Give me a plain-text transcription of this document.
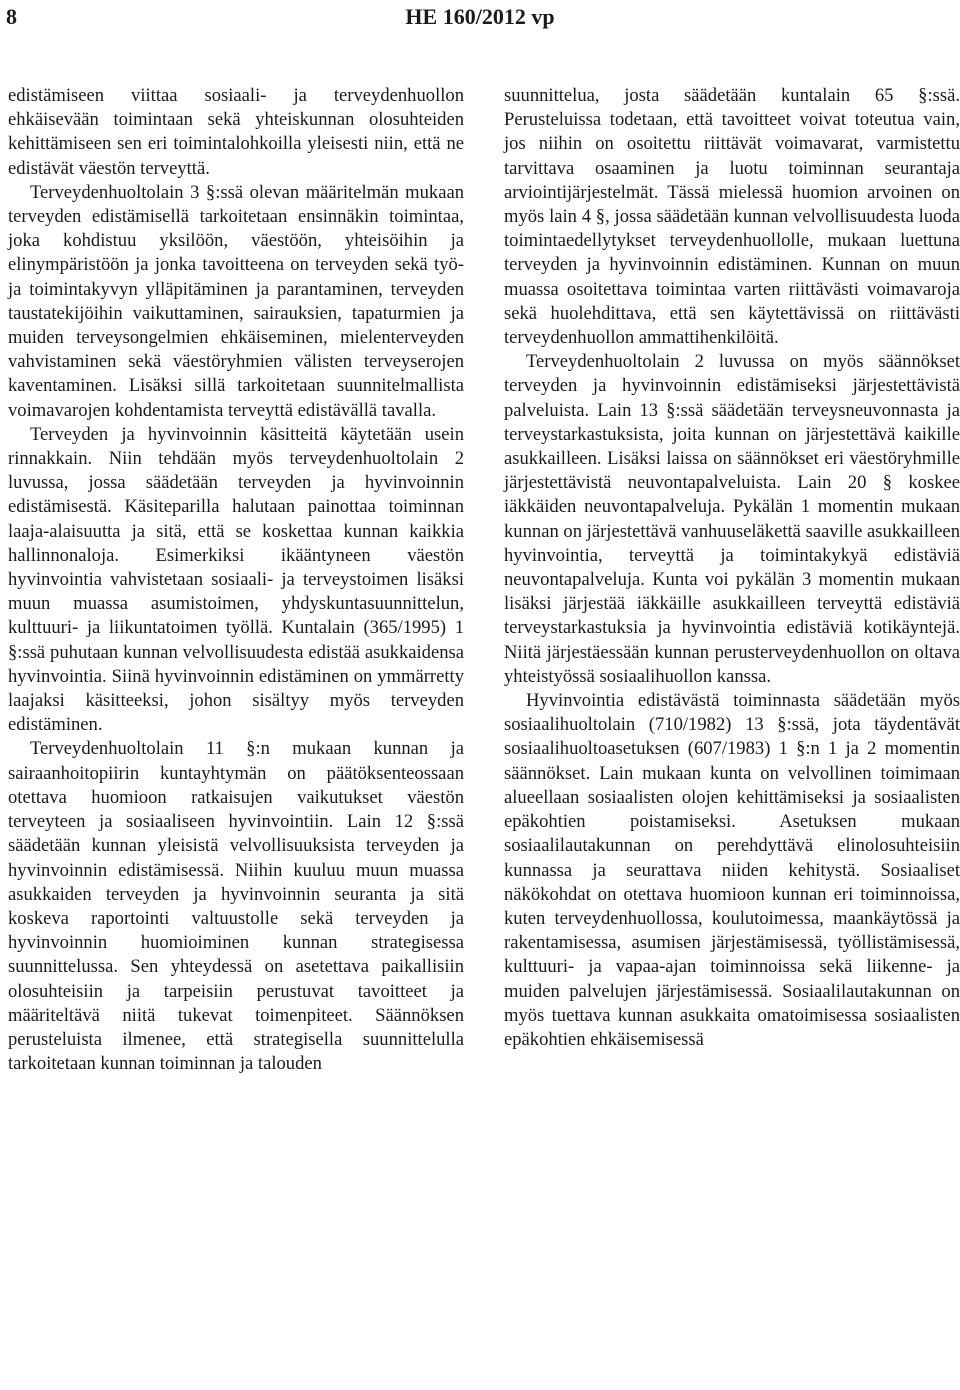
8	HE 160/2012 vp

edistämiseen viittaa sosiaali- ja terveydenhuollon ehkäisevään toimintaan sekä yhteiskunnan olosuhteiden kehittämiseen sen eri toimintalohkoilla yleisesti niin, että ne edistävät väestön terveyttä.

Terveydenhuoltolain 3 §:ssä olevan määritelmän mukaan terveyden edistämisellä tarkoitetaan ensinnäkin toimintaa, joka kohdistuu yksilöön, väestöön, yhteisöihin ja elinympäristöön ja jonka tavoitteena on terveyden sekä työ- ja toimintakyvyn ylläpitäminen ja parantaminen, terveyden taustatekijöihin vaikuttaminen, sairauksien, tapaturmien ja muiden terveysongelmien ehkäiseminen, mielenterveyden vahvistaminen sekä väestöryhmien välisten terveyserojen kaventaminen. Lisäksi sillä tarkoitetaan suunnitelmallista voimavarojen kohdentamista terveyttä edistävällä tavalla.

Terveyden ja hyvinvoinnin käsitteitä käytetään usein rinnakkain. Niin tehdään myös terveydenhuoltolain 2 luvussa, jossa säädetään terveyden ja hyvinvoinnin edistämisestä. Käsiteparilla halutaan painottaa toiminnan laaja-alaisuutta ja sitä, että se koskettaa kunnan kaikkia hallinnonaloja. Esimerkiksi ikääntyneen väestön hyvinvointia vahvistetaan sosiaali- ja terveystoimen lisäksi muun muassa asumistoimen, yhdyskuntasuunnittelun, kulttuuri- ja liikuntatoimen työllä. Kuntalain (365/1995) 1 §:ssä puhutaan kunnan velvollisuudesta edistää asukkaidensa hyvinvointia. Siinä hyvinvoinnin edistäminen on ymmärretty laajaksi käsitteeksi, johon sisältyy myös terveyden edistäminen.

Terveydenhuoltolain 11 §:n mukaan kunnan ja sairaanhoitopiirin kuntayhtymän on päätöksenteossaan otettava huomioon ratkaisujen vaikutukset väestön terveyteen ja sosiaaliseen hyvinvointiin. Lain 12 §:ssä säädetään kunnan yleisistä velvollisuuksista terveyden ja hyvinvoinnin edistämisessä. Niihin kuuluu muun muassa asukkaiden terveyden ja hyvinvoinnin seuranta ja sitä koskeva raportointi valtuustolle sekä terveyden ja hyvinvoinnin huomioiminen kunnan strategisessa suunnittelussa. Sen yhteydessä on asetettava paikallisiin olosuhteisiin ja tarpeisiin perustuvat tavoitteet ja määriteltävä niitä tukevat toimenpiteet. Säännöksen perusteluista ilmenee, että strategisella suunnittelulla tarkoitetaan kunnan toiminnan ja talouden

suunnittelua, josta säädetään kuntalain 65 §:ssä. Perusteluissa todetaan, että tavoitteet voivat toteutua vain, jos niihin on osoitettu riittävät voimavarat, varmistettu tarvittava osaaminen ja luotu toiminnan seurantaja arviointijärjestelmät. Tässä mielessä huomion arvoinen on myös lain 4 §, jossa säädetään kunnan velvollisuudesta luoda toimintaedellytykset terveydenhuollolle, mukaan luettuna terveyden ja hyvinvoinnin edistäminen. Kunnan on muun muassa osoitettava toimintaa varten riittävästi voimavaroja sekä huolehdittava, että sen käytettävissä on riittävästi terveydenhuollon ammattihenkilöitä.

Terveydenhuoltolain 2 luvussa on myös säännökset terveyden ja hyvinvoinnin edistämiseksi järjestettävistä palveluista. Lain 13 §:ssä säädetään terveysneuvonnasta ja terveystarkastuksista, joita kunnan on järjestettävä kaikille asukkailleen. Lisäksi laissa on säännökset eri väestöryhmille järjestettävistä neuvontapalveluista. Lain 20 § koskee iäkkäiden neuvontapalveluja. Pykälän 1 momentin mukaan kunnan on järjestettävä vanhuuseläkettä saaville asukkailleen hyvinvointia, terveyttä ja toimintakykyä edistäviä neuvontapalveluja. Kunta voi pykälän 3 momentin mukaan lisäksi järjestää iäkkäille asukkailleen terveyttä edistäviä terveystarkastuksia ja hyvinvointia edistäviä kotikäyntejä. Niitä järjestäessään kunnan perusterveydenhuollon on oltava yhteistyössä sosiaalihuollon kanssa.

Hyvinvointia edistävästä toiminnasta säädetään myös sosiaalihuoltolain (710/1982) 13 §:ssä, jota täydentävät sosiaalihuoltoasetuksen (607/1983) 1 §:n 1 ja 2 momentin säännökset. Lain mukaan kunta on velvollinen toimimaan alueellaan sosiaalisten olojen kehittämiseksi ja sosiaalisten epäkohtien poistamiseksi. Asetuksen mukaan sosiaalilautakunnan on perehdyttävä elinolosuhteisiin kunnassa ja seurattava niiden kehitystä. Sosiaaliset näkökohdat on otettava huomioon kunnan eri toiminnoissa, kuten terveydenhuollossa, koulutoimessa, maankäytössä ja rakentamisessa, asumisen järjestämisessä, työllistämisessä, kulttuuri- ja vapaa-ajan toiminnoissa sekä liikenne- ja muiden palvelujen järjestämisessä. Sosiaalilautakunnan on myös tuettava kunnan asukkaita omatoimisessa sosiaalisten epäkohtien ehkäisemisessä
